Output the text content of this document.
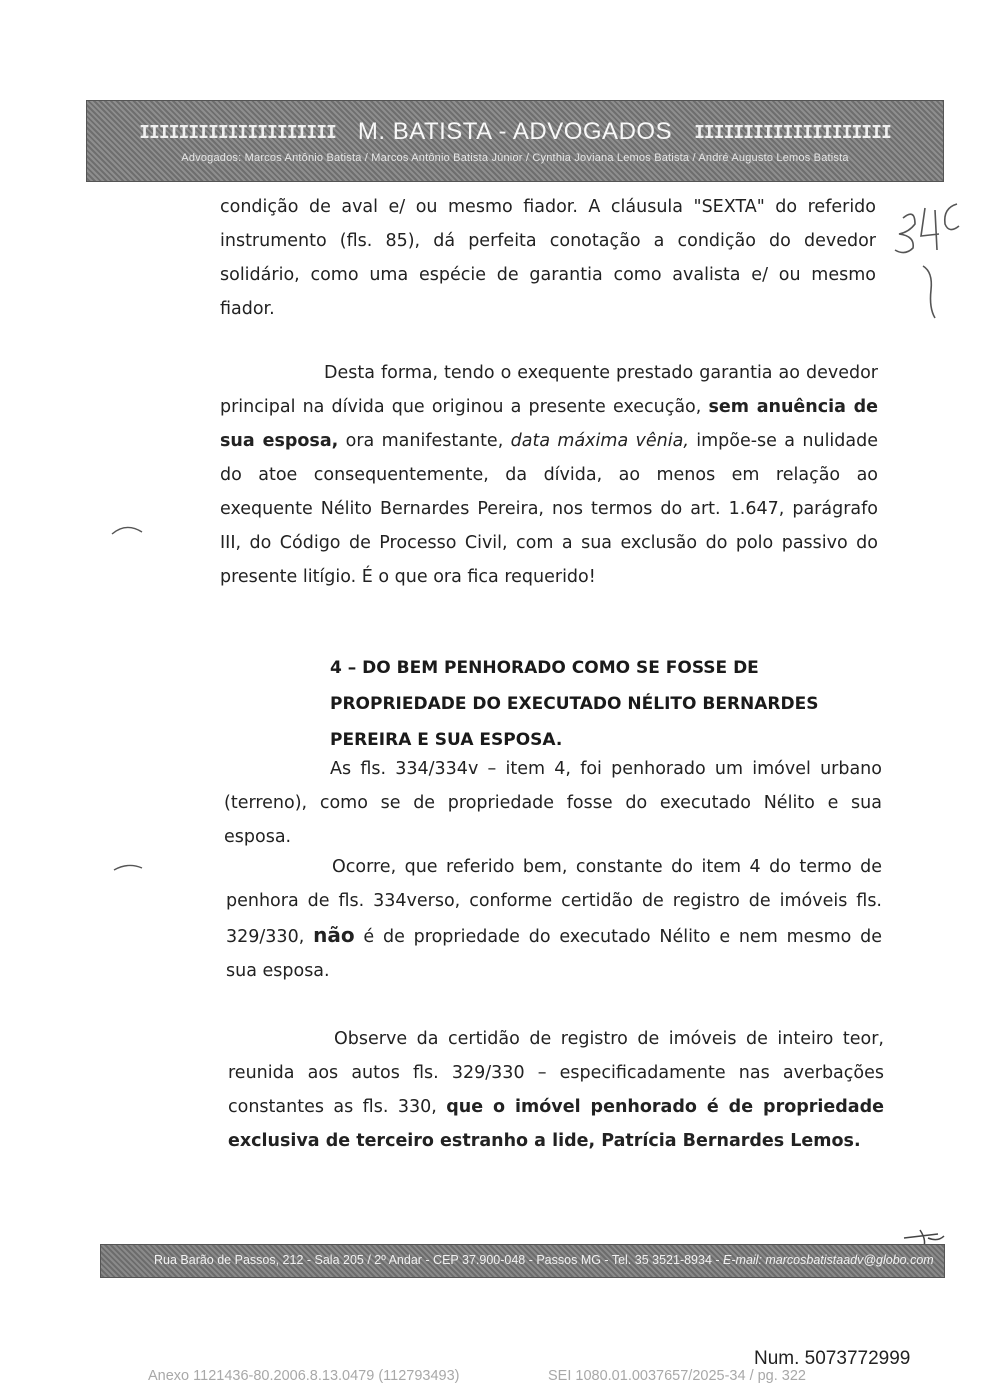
IIIIIIIIIIIIIIIIIIII M. BATISTA - ADVOGADOS IIIIIIIIIIIIIIIIIIII
Advogados: Marcos Antônio Batista / Marcos Antônio Batista Júnior / Cynthia Joviana Lemos Batista / André Augusto Lemos Batista

condição de aval e/ ou mesmo fiador. A cláusula "SEXTA" do referido instrumento (fls. 85), dá perfeita conotação a condição do devedor solidário, como uma espécie de garantia como avalista e/ ou mesmo fiador.

Desta forma, tendo o exequente prestado garantia ao devedor principal na dívida que originou a presente execução, sem anuência de sua esposa, ora manifestante, data máxima vênia, impõe-se a nulidade do atoe consequentemente, da dívida, ao menos em relação ao exequente Nélito Bernardes Pereira, nos termos do art. 1.647, parágrafo III, do Código de Processo Civil, com a sua exclusão do polo passivo do presente litígio. É o que ora fica requerido!

4 – DO BEM PENHORADO COMO SE FOSSE DE PROPRIEDADE DO EXECUTADO NÉLITO BERNARDES PEREIRA E SUA ESPOSA.

As fls. 334/334v – item 4, foi penhorado um imóvel urbano (terreno), como se de propriedade fosse do executado Nélito e sua esposa.

Ocorre, que referido bem, constante do item 4 do termo de penhora de fls. 334verso, conforme certidão de registro de imóveis fls. 329/330, não é de propriedade do executado Nélito e nem mesmo de sua esposa.

Observe da certidão de registro de imóveis de inteiro teor, reunida aos autos fls. 329/330 – especificadamente nas averbações constantes as fls. 330, que o imóvel penhorado é de propriedade exclusiva de terceiro estranho a lide, Patrícia Bernardes Lemos.

Rua Barão de Passos, 212 - Sala 205 / 2º Andar - CEP 37.900-048 - Passos MG - Tel. 35 3521-8934 - E-mail: marcosbatistaadv@globo.com
Num. 5073772999
Anexo 1121436-80.2006.8.13.0479 (112793493)	SEI 1080.01.0037657/2025-34 / pg. 322
